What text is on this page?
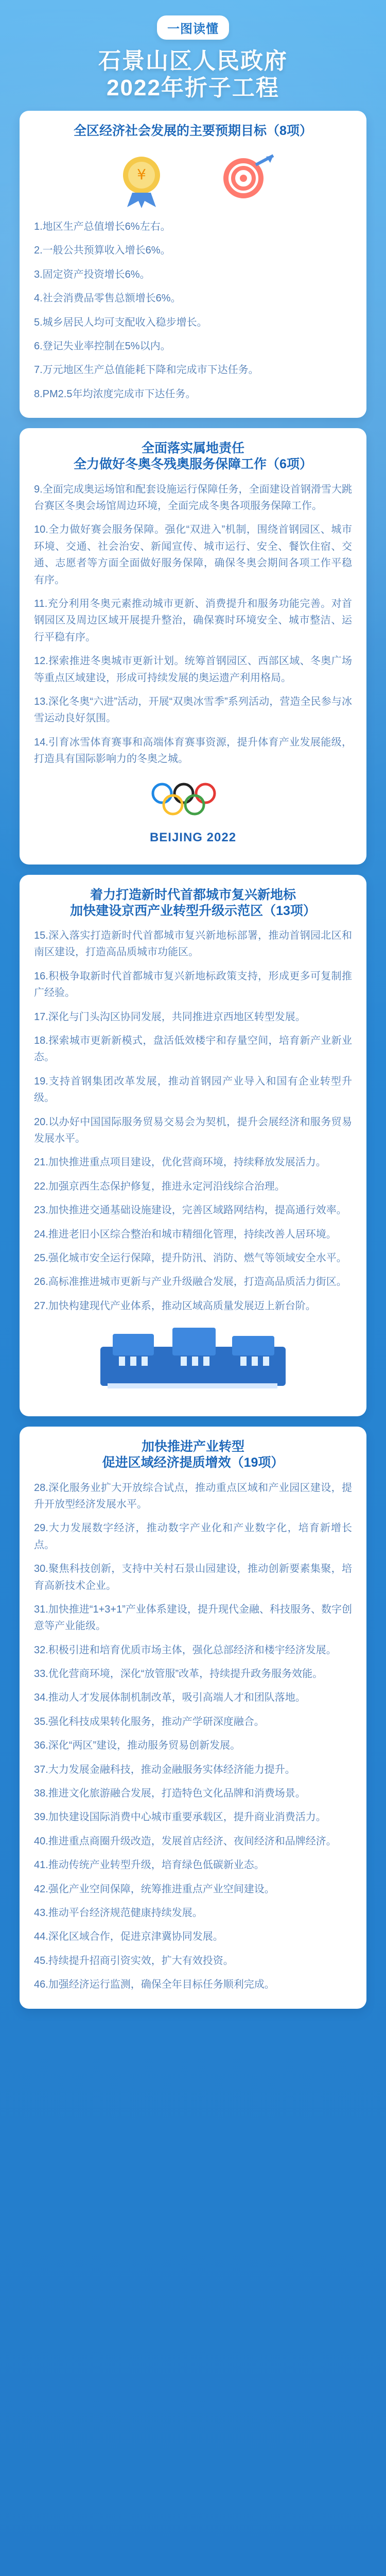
一图读懂
石景山区人民政府
2022年折子工程
全区经济社会发展的主要预期目标（8项）
¥

1.地区生产总值增长6%左右。

2.一般公共预算收入增长6%。

3.固定资产投资增长6%。

4.社会消费品零售总额增长6%。

5.城乡居民人均可支配收入稳步增长。

6.登记失业率控制在5%以内。

7.万元地区生产总值能耗下降和完成市下达任务。

8.PM2.5年均浓度完成市下达任务。

全面落实属地责任
全力做好冬奥冬残奥服务保障工作（6项）

9.全面完成奥运场馆和配套设施运行保障任务，全面建设首钢滑雪大跳台赛区冬奥会场馆周边环境，全面完成冬奥各项服务保障工作。

10.全力做好赛会服务保障。强化“双进入”机制，围绕首钢园区、城市环境、交通、社会治安、新闻宣传、城市运行、安全、餐饮住宿、交通、志愿者等方面全面做好服务保障，确保冬奥会期间各项工作平稳有序。

11.充分利用冬奥元素推动城市更新、消费提升和服务功能完善。对首钢园区及周边区域开展提升整治，确保赛时环境安全、城市整洁、运行平稳有序。

12.探索推进冬奥城市更新计划。统筹首钢园区、西部区域、冬奥广场等重点区域建设，形成可持续发展的奥运遗产利用格局。

13.深化冬奥“六进”活动，开展“双奥冰雪季”系列活动，营造全民参与冰雪运动良好氛围。

14.引育冰雪体育赛事和高端体育赛事资源，提升体育产业发展能级，打造具有国际影响力的冬奥之城。

BEIJING 2022
着力打造新时代首都城市复兴新地标
加快建设京西产业转型升级示范区（13项）

15.深入落实打造新时代首都城市复兴新地标部署，推动首钢园北区和南区建设，打造高品质城市功能区。

16.积极争取新时代首都城市复兴新地标政策支持，形成更多可复制推广经验。

17.深化与门头沟区协同发展，共同推进京西地区转型发展。

18.探索城市更新新模式，盘活低效楼宇和存量空间，培育新产业新业态。

19.支持首钢集团改革发展，推动首钢园产业导入和国有企业转型升级。

20.以办好中国国际服务贸易交易会为契机，提升会展经济和服务贸易发展水平。

21.加快推进重点项目建设，优化营商环境，持续释放发展活力。

22.加强京西生态保护修复，推进永定河沿线综合治理。

23.加快推进交通基础设施建设，完善区域路网结构，提高通行效率。

24.推进老旧小区综合整治和城市精细化管理，持续改善人居环境。

25.强化城市安全运行保障，提升防汛、消防、燃气等领域安全水平。

26.高标准推进城市更新与产业升级融合发展，打造高品质活力街区。

27.加快构建现代产业体系，推动区域高质量发展迈上新台阶。

加快推进产业转型
促进区域经济提质增效（19项）

28.深化服务业扩大开放综合试点，推动重点区域和产业园区建设，提升开放型经济发展水平。

29.大力发展数字经济，推动数字产业化和产业数字化，培育新增长点。

30.聚焦科技创新，支持中关村石景山园建设，推动创新要素集聚，培育高新技术企业。

31.加快推进“1+3+1”产业体系建设，提升现代金融、科技服务、数字创意等产业能级。

32.积极引进和培育优质市场主体，强化总部经济和楼宇经济发展。

33.优化营商环境，深化“放管服”改革，持续提升政务服务效能。

34.推动人才发展体制机制改革，吸引高端人才和团队落地。

35.强化科技成果转化服务，推动产学研深度融合。

36.深化“两区”建设，推动服务贸易创新发展。

37.大力发展金融科技，推动金融服务实体经济能力提升。

38.推进文化旅游融合发展，打造特色文化品牌和消费场景。

39.加快建设国际消费中心城市重要承载区，提升商业消费活力。

40.推进重点商圈升级改造，发展首店经济、夜间经济和品牌经济。

41.推动传统产业转型升级，培育绿色低碳新业态。

42.强化产业空间保障，统筹推进重点产业空间建设。

43.推动平台经济规范健康持续发展。

44.深化区域合作，促进京津冀协同发展。

45.持续提升招商引资实效，扩大有效投资。

46.加强经济运行监测，确保全年目标任务顺利完成。
